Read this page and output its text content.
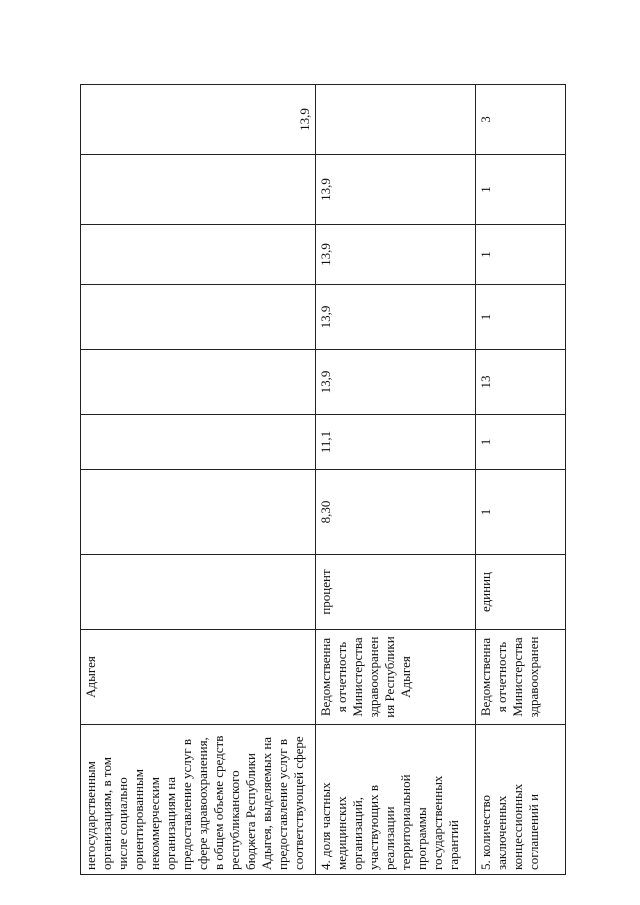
негосударственным организациям, в том числе социально ориентированным некоммерческим организациям на предоставление услуг в сфере здравоохранения, в общем объеме средств республиканского бюджета Республики Адыгея, выделяемых на предоставление услуг в соответствующей сфере	Адыгея								13,9
4. доля частных медицинских организаций, участвующих в реализации территориальной программы государственных гарантий	Ведомственна я отчетность Министерства здравоохранен ия Республики Адыгея	процент	8,30	11,1	13,9	13,9	13,9	13,9	
5. количество заключенных концессионных соглашений и	Ведомственна я отчетность Министерства здравоохранен	единиц	1	1	13	1	1	1	3
